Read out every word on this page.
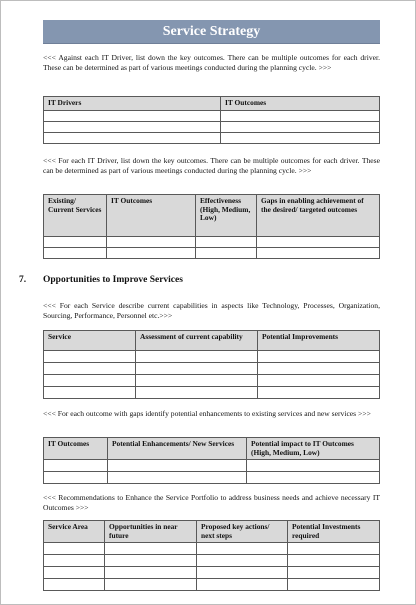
Service Strategy
<<< Against each IT Driver, list down the key outcomes. There can be multiple outcomes for each driver. These can be determined as part of various meetings conducted during the planning cycle. >>>
IT Drivers	IT Outcomes

<<< For each IT Driver, list down the key outcomes. There can be multiple outcomes for each driver. These can be determined as part of various meetings conducted during the planning cycle. >>>
Existing/ Current Services	IT Outcomes	Effectiveness (High, Medium, Low)	Gaps in enabling achievement of the desired/ targeted outcomes

7. Opportunities to Improve Services
<<< For each Service describe current capabilities in aspects like Technology, Processes, Organization, Sourcing, Performance, Personnel etc.>>>
Service	Assessment of current capability	Potential Improvements

<<< For each outcome with gaps identify potential enhancements to existing services and new services >>>
IT Outcomes	Potential Enhancements/ New Services	Potential impact to IT Outcomes (High, Medium, Low)

<<< Recommendations to Enhance the Service Portfolio to address business needs and achieve necessary IT Outcomes >>>
Service Area	Opportunities in near future	Proposed key actions/ next steps	Potential Investments required
